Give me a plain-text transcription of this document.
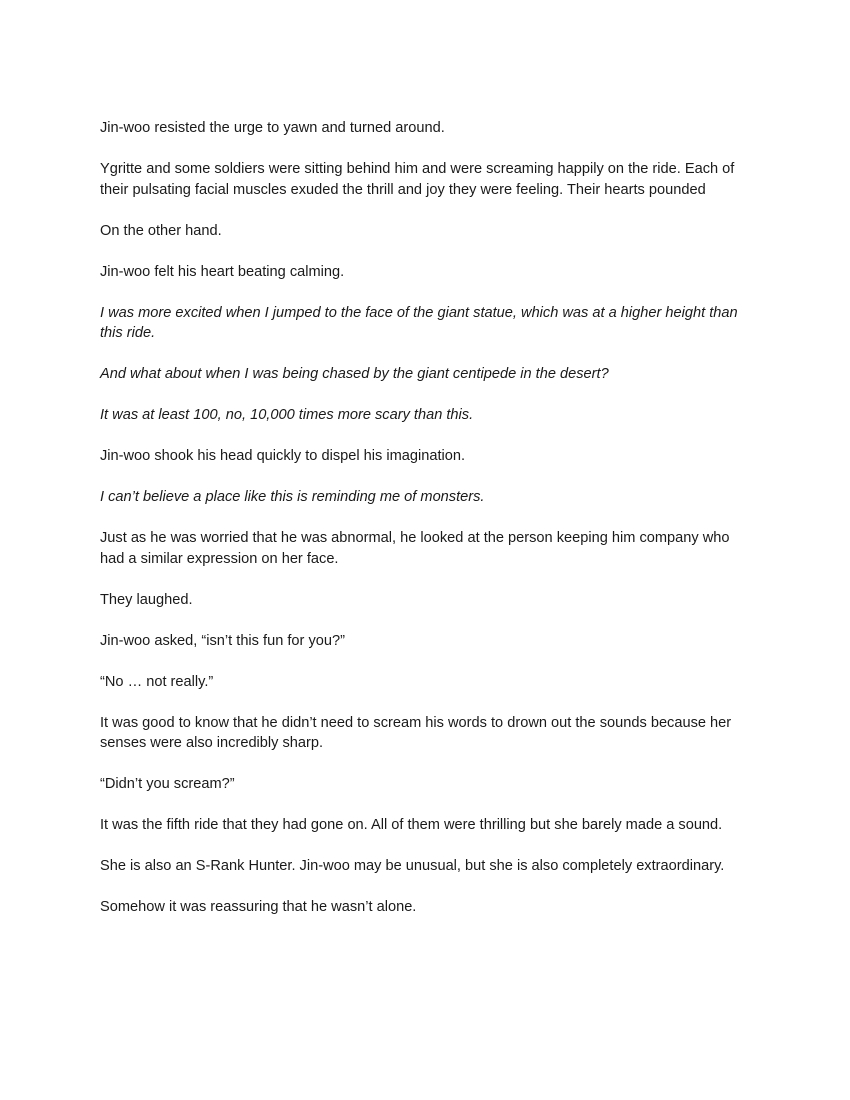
Jin-woo resisted the urge to yawn and turned around.

Ygritte and some soldiers were sitting behind him and were screaming happily on the ride. Each of their pulsating facial muscles exuded the thrill and joy they were feeling. Their hearts pounded

On the other hand.

Jin-woo felt his heart beating calming.

I was more excited when I jumped to the face of the giant statue, which was at a higher height than this ride.

And what about when I was being chased by the giant centipede in the desert?

It was at least 100, no, 10,000 times more scary than this.

Jin-woo shook his head quickly to dispel his imagination.

I can’t believe a place like this is reminding me of monsters.

Just as he was worried that he was abnormal, he looked at the person keeping him company who had a similar expression on her face.

They laughed.

Jin-woo asked, “isn’t this fun for you?”

“No … not really.”

It was good to know that he didn’t need to scream his words to drown out the sounds because her senses were also incredibly sharp.

“Didn’t you scream?”

It was the fifth ride that they had gone on. All of them were thrilling but she barely made a sound.

She is also an S-Rank Hunter. Jin-woo may be unusual, but she is also completely extraordinary.

Somehow it was reassuring that he wasn’t alone.
